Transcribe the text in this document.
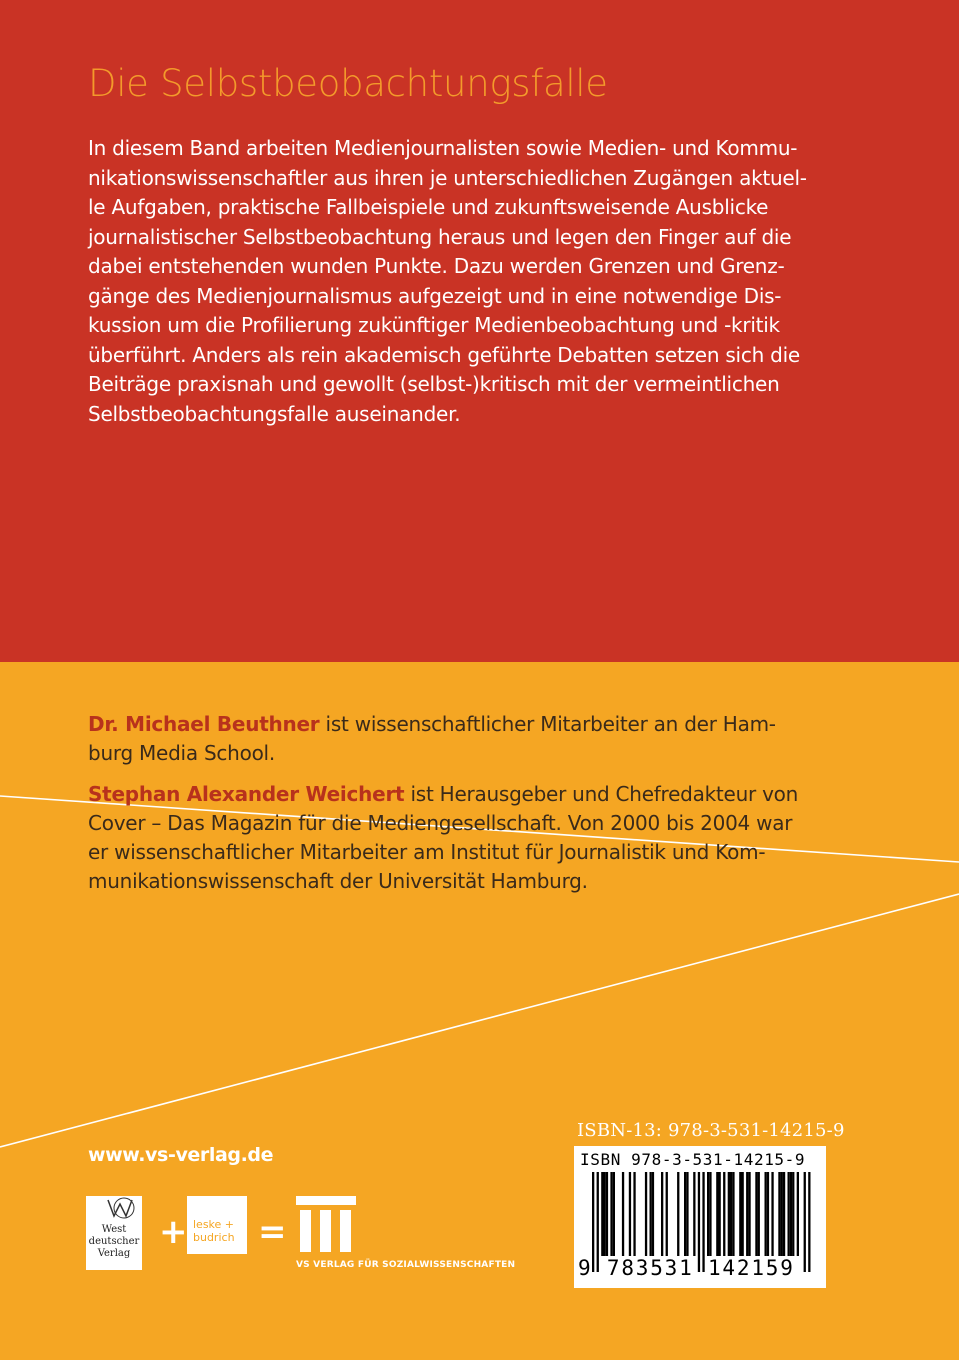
Die Selbstbeobachtungsfalle
In diesem Band arbeiten Medienjournalisten sowie Medien- und Kommu-
nikationswissenschaftler aus ihren je unterschiedlichen Zugängen aktuel-
le Aufgaben, praktische Fallbeispiele und zukunftsweisende Ausblicke
journalistischer Selbstbeobachtung heraus und legen den Finger auf die
dabei entstehenden wunden Punkte. Dazu werden Grenzen und Grenz-
gänge des Medienjournalismus aufgezeigt und in eine notwendige Dis-
kussion um die Profilierung zukünftiger Medienbeobachtung und -kritik
überführt. Anders als rein akademisch geführte Debatten setzen sich die
Beiträge praxisnah und gewollt (selbst-)kritisch mit der vermeintlichen
Selbstbeobachtungsfalle auseinander.
Dr. Michael Beuthner ist wissenschaftlicher Mitarbeiter an der Ham-
burg Media School.
Stephan Alexander Weichert ist Herausgeber und Chefredakteur von
Cover – Das Magazin für die Mediengesellschaft. Von 2000 bis 2004 war
er wissenschaftlicher Mitarbeiter am Institut für Journalistik und Kom-
munikationswissenschaft der Universität Hamburg.
www.vs-verlag.de
West
deutscher
Verlag
+ leske +
budrich =
VS VERLAG FÜR SOZIALWISSENSCHAFTEN
ISBN-13: 978-3-531-14215-9
ISBN 978-3-531-14215-9
9 783531 142159
